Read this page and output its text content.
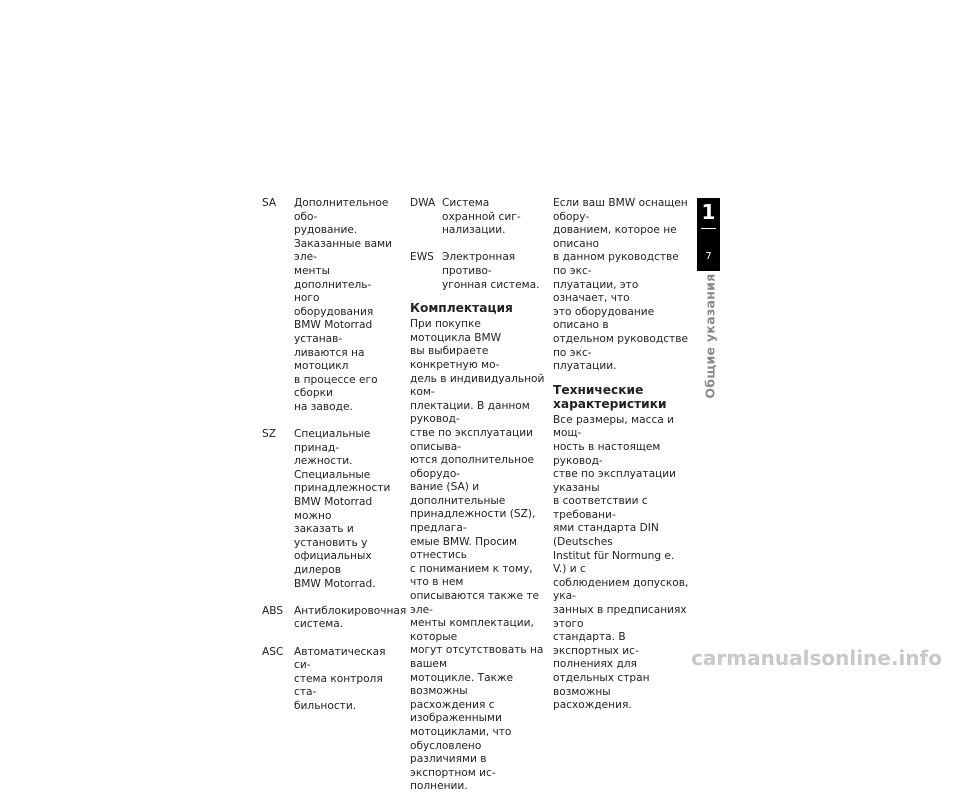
SA	Дополнительное обо-
рудование.
Заказанные вами эле-
менты дополнитель-
ного оборудования
BMW Motorrad устанав-
ливаются на мотоцикл
в процессе его сборки
на заводе.
SZ	Специальные принад-
лежности.
Специальные
принадлежности
BMW Motorrad можно
заказать и установить у
официальных дилеров
BMW Motorrad.
ABS	Антиблокировочная
система.
ASC	Автоматическая си-
стема контроля ста-
бильности.
DWA Система охранной сиг-
нализации.
EWS Электронная противо-
угонная система.
Комплектация

При покупке мотоцикла BMW
вы выбираете конкретную мо-
дель в индивидуальной ком-
плектации. В данном руковод-
стве по эксплуатации описыва-
ются дополнительное оборудо-
вание (SA) и дополнительные
принадлежности (SZ), предлага-
емые BMW. Просим отнестись
с пониманием к тому, что в нем
описываются также те эле-
менты комплектации, которые
могут отсутствовать на вашем
мотоцикле. Также возможны
расхождения с изображенными
мотоциклами, что обусловлено
различиями в экспортном ис-
полнении.

Если ваш BMW оснащен обору-
дованием, которое не описано
в данном руководстве по экс-
плуатации, это означает, что
это оборудование описано в
отдельном руководстве по экс-
плуатации.

Технические
характеристики

Все размеры, масса и мощ-
ность в настоящем руковод-
стве по эксплуатации указаны
в соответствии с требовани-
ями стандарта DIN (Deutsches
Institut für Normung e. V.) и с
соблюдением допусков, ука-
занных в предписаниях этого
стандарта. В экспортных ис-
полнениях для отдельных стран
возможны расхождения.

1
7
Общие указания
carmanualsonline.info
